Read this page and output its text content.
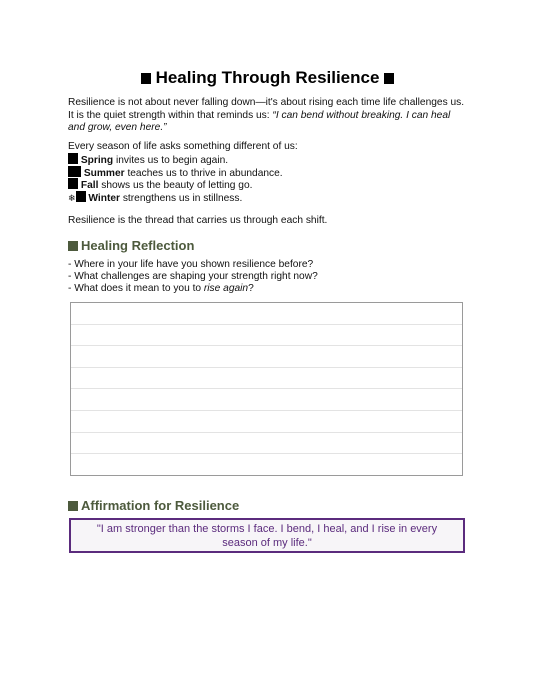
Healing Through Resilience
Resilience is not about never falling down—it's about rising each time life challenges us. It is the quiet strength within that reminds us: “I can bend without breaking. I can heal and grow, even here.”
Every season of life asks something different of us:
Spring invites us to begin again.
Summer teaches us to thrive in abundance.
Fall shows us the beauty of letting go.
❄ Winter strengthens us in stillness.
Resilience is the thread that carries us through each shift.
Healing Reflection
- Where in your life have you shown resilience before?
- What challenges are shaping your strength right now?
- What does it mean to you to rise again?
Affirmation for Resilience
"I am stronger than the storms I face. I bend, I heal, and I rise in every season of my life."
